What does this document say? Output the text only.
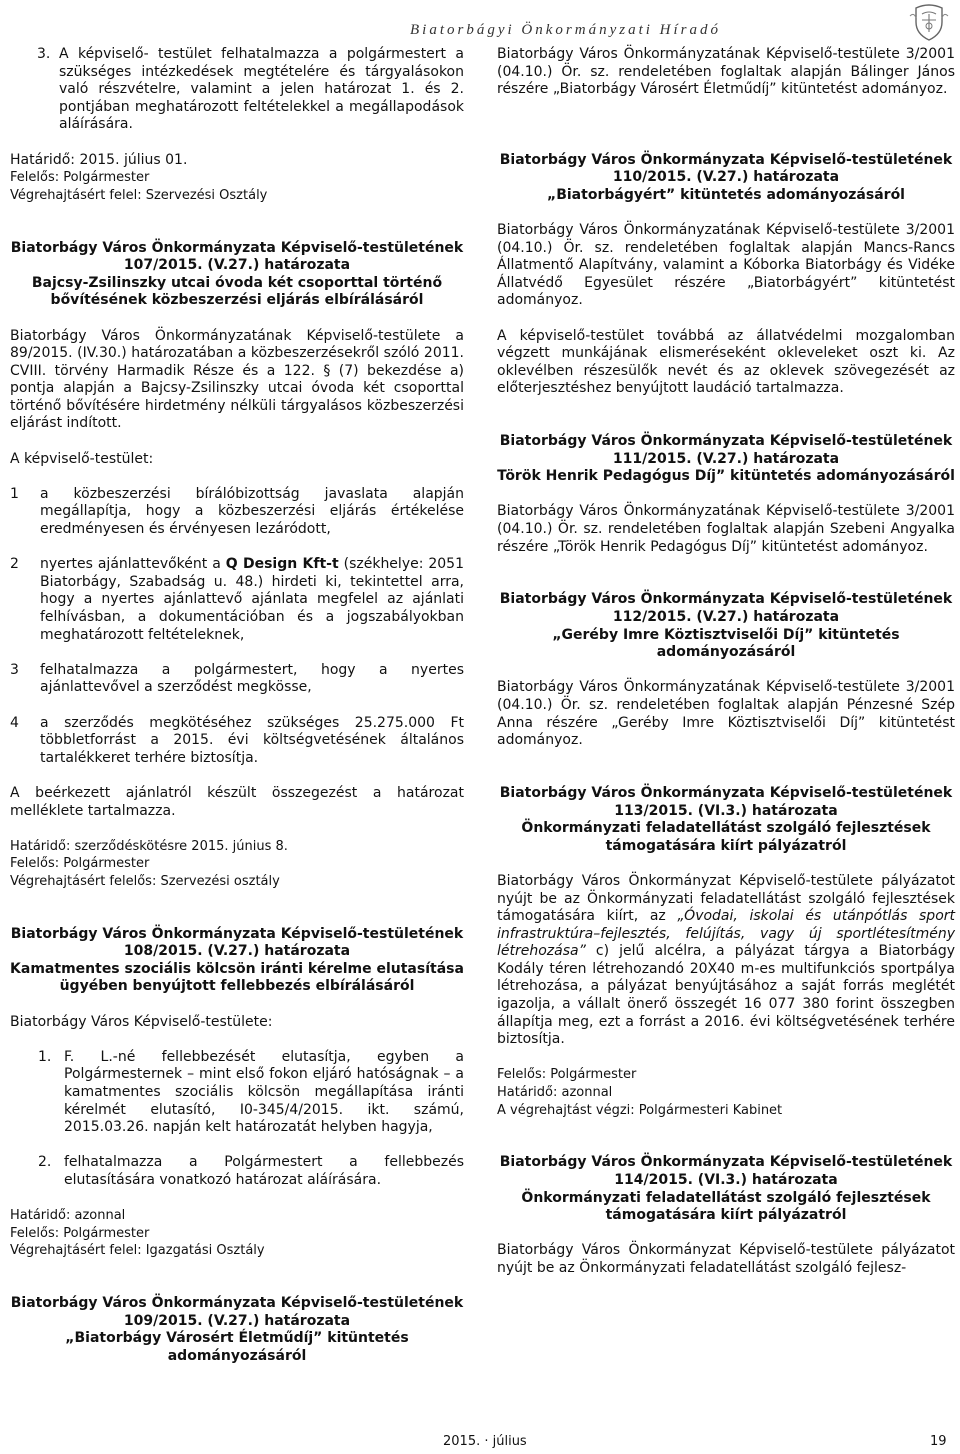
Biatorbágyi Önkormányzati Híradó
3. A képviselő- testület felhatalmazza a polgármestert a szükséges intézkedések megtételére és tárgyalásokon való részvételre, valamint a jelen határozat 1. és 2. pontjában meghatározott feltételekkel a megállapodások aláírására.

Határidő: 2015. július 01.

Felelős: Polgármester

Végrehajtásért felel: Szervezési Osztály

Biatorbágy Város Önkormányzata Képviselő-testületének

107/2015. (V.27.) határozata

Bajcsy-Zsilinszky utcai óvoda két csoporttal történő bővítésének közbeszerzési eljárás elbírálásáról

Biatorbágy Város Önkormányzatának Képviselő-testülete a 89/2015. (IV.30.) határozatában a közbeszerzésekről szóló 2011. CVIII. törvény Harmadik Része és a 122. § (7) bekezdése a) pontja alapján a Bajcsy-Zsilinszky utcai óvoda két csoporttal történő bővítésére hirdetmény nélküli tárgyalásos közbeszerzési eljárást indított.

A képviselő-testület:

1	a közbeszerzési bírálóbizottság javaslata alapján megállapítja, hogy a közbeszerzési eljárás értékelése eredményesen és érvényesen lezáródott,
2	nyertes ajánlattevőként a Q Design Kft-t (székhelye: 2051 Biatorbágy, Szabadság u. 48.) hirdeti ki, tekintettel arra, hogy a nyertes ajánlattevő ajánlata megfelel az ajánlati felhívásban, a dokumentációban és a jogszabályokban meghatározott feltételeknek,
3	felhatalmazza a polgármestert, hogy a nyertes ajánlattevővel a szerződést megkösse,
4	a szerződés megkötéséhez szükséges 25.275.000 Ft többletforrást a 2015. évi költségvetésének általános tartalékkeret terhére biztosítja.

A beérkezett ajánlatról készült összegezést a határozat melléklete tartalmazza.

Határidő: szerződéskötésre 2015. június 8.

Felelős: Polgármester

Végrehajtásért felelős: Szervezési osztály

Biatorbágy Város Önkormányzata Képviselő-testületének

108/2015. (V.27.) határozata

Kamatmentes szociális kölcsön iránti kérelme elutasítása ügyében benyújtott fellebbezés elbírálásáról

Biatorbágy Város Képviselő-testülete:

1. F. L.-né fellebbezését elutasítja, egyben a Polgármesternek – mint első fokon eljáró hatóságnak – a kamatmentes szociális kölcsön megállapítása iránti kérelmét elutasító, I0-345/4/2015. ikt. számú, 2015.03.26. napján kelt határozatát helyben hagyja,
2. felhatalmazza a Polgármestert a fellebbezés elutasítására vonatkozó határozat aláírására.

Határidő: azonnal

Felelős: Polgármester

Végrehajtásért felel: Igazgatási Osztály

Biatorbágy Város Önkormányzata Képviselő-testületének

109/2015. (V.27.) határozata

„Biatorbágy Városért Életműdíj” kitüntetés adományozásáról

Biatorbágy Város Önkormányzatának Képviselő-testülete 3/2001 (04.10.) Ör. sz. rendeletében foglaltak alapján Bálinger János részére „Biatorbágy Városért Életműdíj” kitüntetést adományoz.

Biatorbágy Város Önkormányzata Képviselő-testületének

110/2015. (V.27.) határozata

„Biatorbágyért” kitüntetés adományozásáról

Biatorbágy Város Önkormányzatának Képviselő-testülete 3/2001 (04.10.) Ör. sz. rendeletében foglaltak alapján Mancs-Rancs Állatmentő Alapítvány, valamint a Kóborka Biatorbágy és Vidéke Állatvédő Egyesület részére „Biatorbágyért” kitüntetést adományoz.

A képviselő-testület továbbá az állatvédelmi mozgalomban végzett munkájának elismeréseként okleveleket oszt ki. Az oklevélben részesülők nevét és az oklevek szövegezését az előterjesztéshez benyújtott laudáció tartalmazza.

Biatorbágy Város Önkormányzata Képviselő-testületének

111/2015. (V.27.) határozata

Török Henrik Pedagógus Díj” kitüntetés adományozásáról

Biatorbágy Város Önkormányzatának Képviselő-testülete 3/2001 (04.10.) Ör. sz. rendeletében foglaltak alapján Szebeni Angyalka részére „Török Henrik Pedagógus Díj” kitüntetést adományoz.

Biatorbágy Város Önkormányzata Képviselő-testületének

112/2015. (V.27.) határozata

„Geréby Imre Köztisztviselői Díj” kitüntetés adományozásáról

Biatorbágy Város Önkormányzatának Képviselő-testülete 3/2001 (04.10.) Ör. sz. rendeletében foglaltak alapján Pénzesné Szép Anna részére „Geréby Imre Köztisztviselői Díj” kitüntetést adományoz.

Biatorbágy Város Önkormányzata Képviselő-testületének

113/2015. (VI.3.) határozata

Önkormányzati feladatellátást szolgáló fejlesztések támogatására kiírt pályázatról

Biatorbágy Város Önkormányzat Képviselő-testülete pályázatot nyújt be az Önkormányzati feladatellátást szolgáló fejlesztések támogatására kiírt, az „Óvodai, iskolai és utánpótlás sport infrastruktúra–fejlesztés, felújítás, vagy új sportlétesítmény létrehozása” c) jelű alcélra, a pályázat tárgya a Biatorbágy Kodály téren létrehozandó 20X40 m-es multifunkciós sportpálya létrehozása, a pályázat benyújtásához a saját forrás meglétét igazolja, a vállalt önerő összegét 16 077 380 forint összegben állapítja meg, ezt a forrást a 2016. évi költségvetésének terhére biztosítja.

Felelős: Polgármester

Határidő: azonnal

A végrehajtást végzi: Polgármesteri Kabinet

Biatorbágy Város Önkormányzata Képviselő-testületének

114/2015. (VI.3.) határozata

Önkormányzati feladatellátást szolgáló fejlesztések támogatására kiírt pályázatról

Biatorbágy Város Önkormányzat Képviselő-testülete pályázatot nyújt be az Önkormányzati feladatellátást szolgáló fejlesz-

2015. · július	19
